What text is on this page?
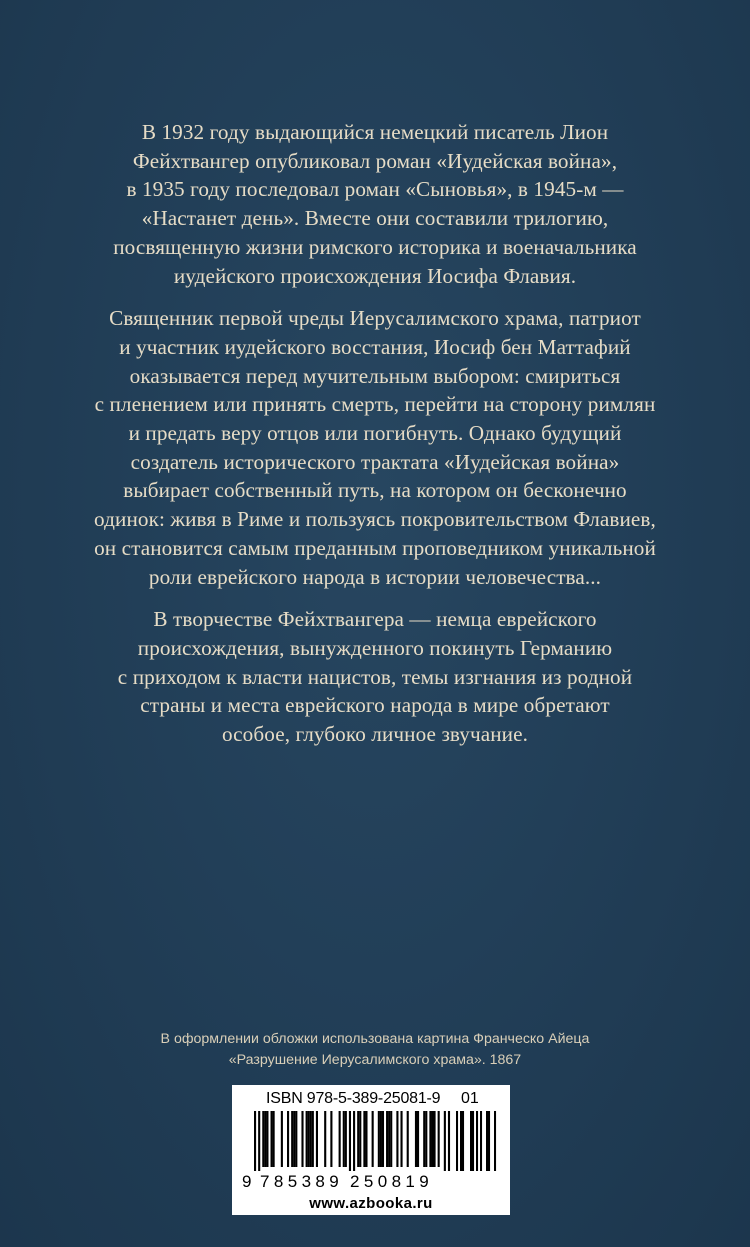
В 1932 году выдающийся немецкий писатель Лион
Фейхтвангер опубликовал роман «Иудейская война»,
в 1935 году последовал роман «Сыновья», в 1945-м —
«Настанет день». Вместе они составили трилогию,
посвященную жизни римского историка и военачальника
иудейского происхождения Иосифа Флавия.

Священник первой чреды Иерусалимского храма, патриот
и участник иудейского восстания, Иосиф бен Маттафий
оказывается перед мучительным выбором: смириться
с пленением или принять смерть, перейти на сторону римлян
и предать веру отцов или погибнуть. Однако будущий
создатель исторического трактата «Иудейская война»
выбирает собственный путь, на котором он бесконечно
одинок: живя в Риме и пользуясь покровительством Флавиев,
он становится самым преданным проповедником уникальной
роли еврейского народа в истории человечества...

В творчестве Фейхтвангера — немца еврейского
происхождения, вынужденного покинуть Германию
с приходом к власти нацистов, темы изгнания из родной
страны и места еврейского народа в мире обретают
особое, глубоко личное звучание.

В оформлении обложки использована картина Франческо Айеца
«Разрушение Иерусалимского храма». 1867
ISBN 978-5-389-25081-9 01
9 785389 250819
www.azbooka.ru
